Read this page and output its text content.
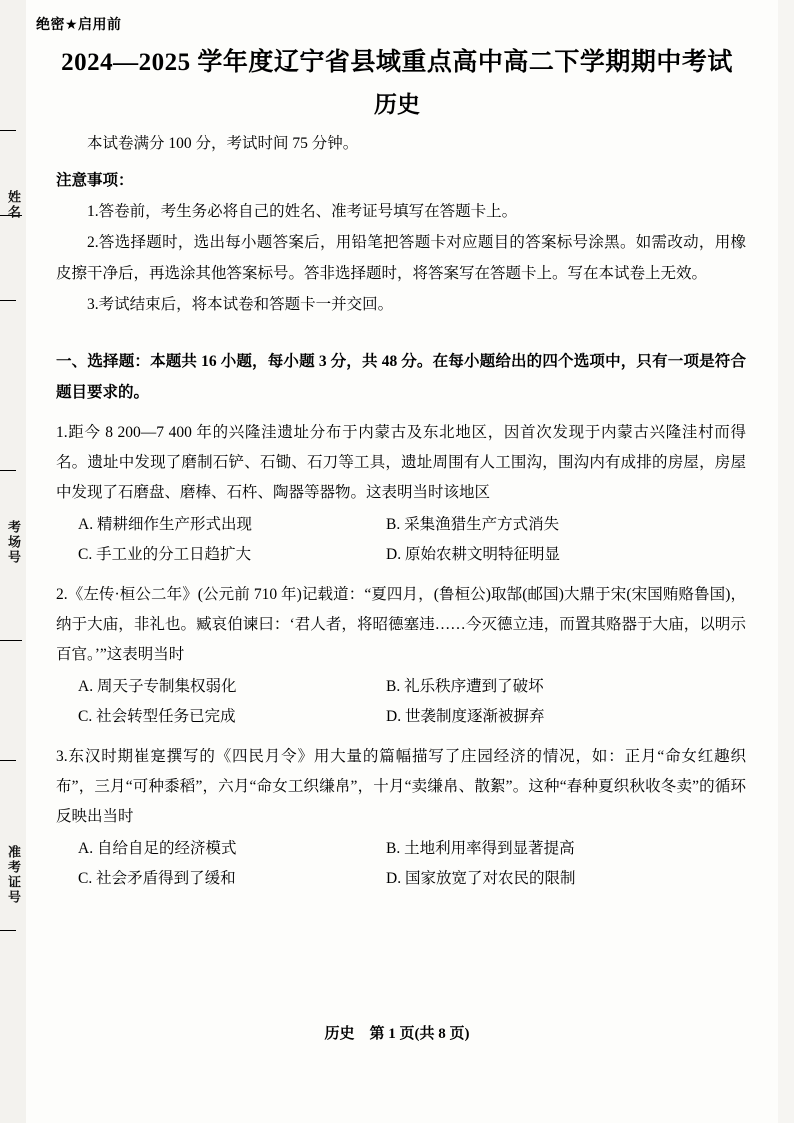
姓名
考场号
准考证号
绝密★启用前
2024—2025 学年度辽宁省县域重点高中高二下学期期中考试
历史

本试卷满分 100 分，考试时间 75 分钟。

注意事项：

1.答卷前，考生务必将自己的姓名、准考证号填写在答题卡上。

2.答选择题时，选出每小题答案后，用铅笔把答题卡对应题目的答案标号涂黑。如需改动，用橡皮擦干净后，再选涂其他答案标号。答非选择题时，将答案写在答题卡上。写在本试卷上无效。

3.考试结束后，将本试卷和答题卡一并交回。

一、选择题：本题共 16 小题，每小题 3 分，共 48 分。在每小题给出的四个选项中，只有一项是符合题目要求的。

1.距今 8 200—7 400 年的兴隆洼遗址分布于内蒙古及东北地区，因首次发现于内蒙古兴隆洼村而得名。遗址中发现了磨制石铲、石锄、石刀等工具，遗址周围有人工围沟，围沟内有成排的房屋，房屋中发现了石磨盘、磨棒、石杵、陶器等器物。这表明当时该地区
A. 精耕细作生产形式出现	B. 采集渔猎生产方式消失
C. 手工业的分工日趋扩大	D. 原始农耕文明特征明显
2.《左传·桓公二年》(公元前 710 年)记载道：“夏四月，(鲁桓公)取郜(邮国)大鼎于宋(宋国贿赂鲁国)，纳于大庙，非礼也。臧哀伯谏曰：‘君人者，将昭德塞违……今灭德立违，而置其赂器于大庙，以明示百官。’”这表明当时
A. 周天子专制集权弱化	B. 礼乐秩序遭到了破坏
C. 社会转型任务已完成	D. 世袭制度逐渐被摒弃
3.东汉时期崔寔撰写的《四民月令》用大量的篇幅描写了庄园经济的情况，如：正月“命女红趣织布”，三月“可种黍稻”，六月“命女工织缣帛”，十月“卖缣帛、散絮”。这种“春种夏织秋收冬卖”的循环反映出当时
A. 自给自足的经济模式	B. 土地利用率得到显著提高
C. 社会矛盾得到了缓和	D. 国家放宽了对农民的限制
历史　第 1 页(共 8 页)
